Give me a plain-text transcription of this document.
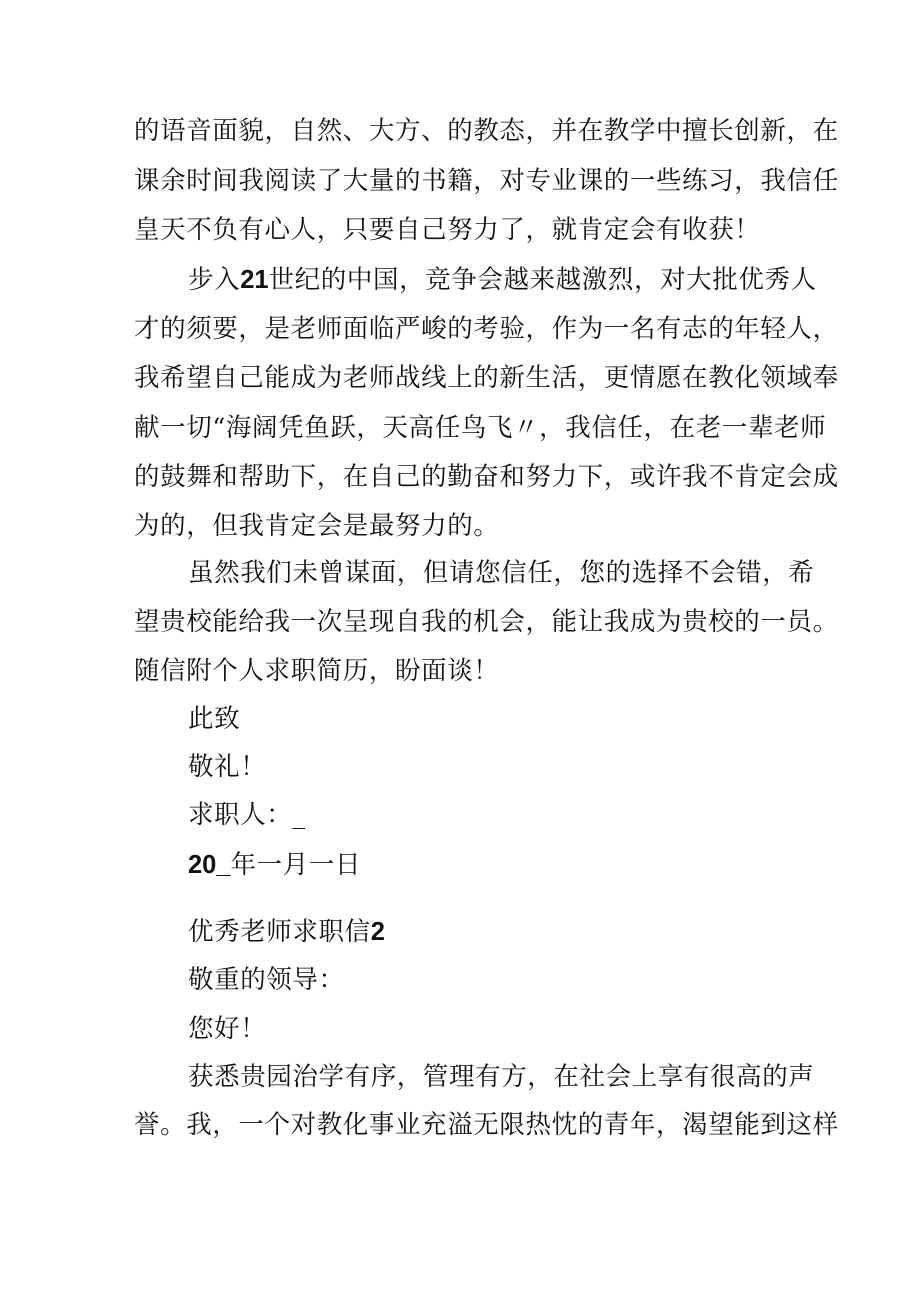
的语音面貌，自然、大方、的教态，并在教学中擅长创新，在
课余时间我阅读了大量的书籍，对专业课的一些练习，我信任
皇天不负有心人，只要自己努力了，就肯定会有收获！
步入21世纪的中国，竞争会越来越激烈，对大批优秀人
才的须要，是老师面临严峻的考验，作为一名有志的年轻人，
我希望自己能成为老师战线上的新生活，更情愿在教化领域奉
献一切“海阔凭鱼跃，天高任鸟飞〃，我信任，在老一辈老师
的鼓舞和帮助下，在自己的勤奋和努力下，或许我不肯定会成
为的，但我肯定会是最努力的。
虽然我们未曾谋面，但请您信任，您的选择不会错，希
望贵校能给我一次呈现自我的机会，能让我成为贵校的一员。
随信附个人求职简历，盼面谈！
此致
敬礼！
求职人：_
20_年一月一日
优秀老师求职信2
敬重的领导：
您好！
获悉贵园治学有序，管理有方，在社会上享有很高的声
誉。我，一个对教化事业充溢无限热忱的青年，渴望能到这样
